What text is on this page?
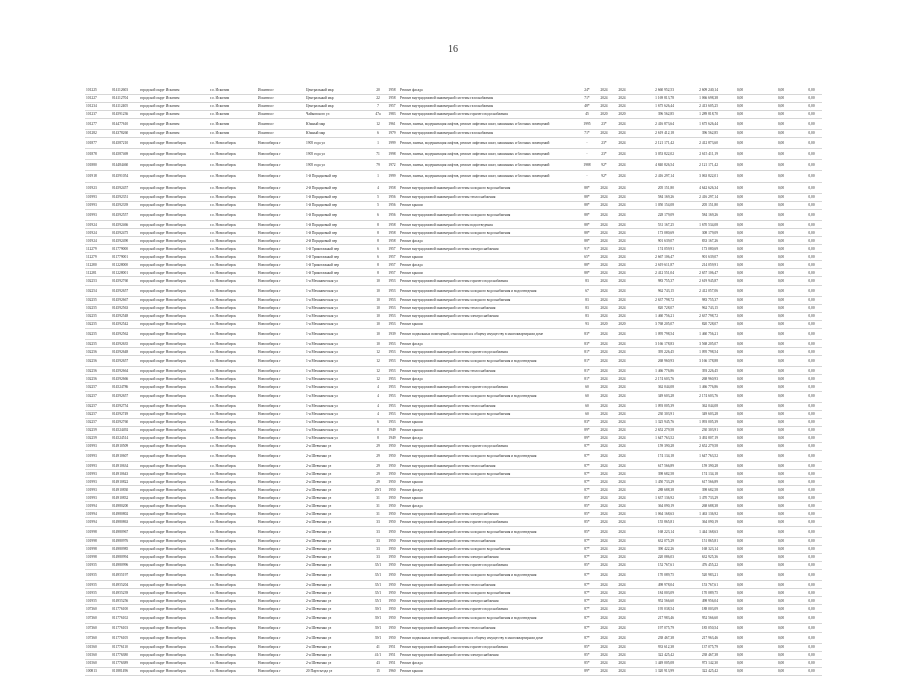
16
101225	014112603	городской округ Искитим	г.о. Искитим	Искитим г	Центральный мкр	20	1958	Ремонт фасада	24*	2024	2024	2 660 952,53	2 609 240,14	0,00	0,00	0,00
101227	014112704	городской округ Искитим	г.о. Искитим	Искитим г	Центральный мкр	22	1958	Ремонт внутридомовой инженерной системы газоснабжения	71*	2024	2024	1 169 813,78	1 066 698,38	0,00	0,00	0,00
101234	014112405	городской округ Искитим	г.о. Искитим	Искитим г	Центральный мкр	7	1957	Ремонт внутридомовой инженерной системы газоснабжения	48*	2024	2024	1 675 626,44	2 413 605,25	0,00	0,00	0,00
101237	014591236	городской округ Искитим	г.о. Искитим	Искитим г	Чайковского ул	47а	1983	Ремонт внутридомовой инженерной системы горячего водоснабжения	45	2020	2020	396 562,85	1 289 818,70	0,00	0,00	0,00
101277	014477610	городской округ Искитим	г.о. Искитим	Искитим г	Южный мкр	12	1961	Ремонт, замена, модернизация лифтов, ремонт лифтовых шахт, машинных и блочных помещений	1995	23*	2024	2 416 873,64	1 675 626,44	0,00	0,00	0,00
101282	014378260	городской округ Искитим	г.о. Искитим	Искитим г	Южный мкр	6	1979	Ремонт внутридомовой инженерной системы газоснабжения	71*	2024	2024	2 619 412,18	396 562,85	0,00	0,00	0,00
101877	014587210	городской округ Новосибирск	г.о. Новосибирск	Новосибирск г	1905 года ул	1	1999	Ремонт, замена, модернизация лифтов, ремонт лифтовых шахт, машинных и блочных помещений	-	23*	2024	2 121 171,42	2 412 873,60	0,00	0,00	0,00
101878	014587469	городской округ Новосибирск	г.о. Новосибирск	Новосибирск г	1905 года ул	71	1998	Ремонт, замена, модернизация лифтов, ремонт лифтовых шахт, машинных и блочных помещений	-	23*	2024	3 053 822,02	2 615 411,19	0,00	0,00	0,00
101880	014484460	городской округ Новосибирск	г.о. Новосибирск	Новосибирск г	1905 года ул	79	1972	Ремонт, замена, модернизация лифтов, ремонт лифтовых шахт, машинных и блочных помещений	1988	92*	2024	4 840 826,54	2 121 171,42	0,00	0,00	0,00
101918	014591054	городской округ Новосибирск	г.о. Новосибирск	Новосибирск г	1-й Порядковый пер	1	1999	Ремонт, замена, модернизация лифтов, ремонт лифтовых шахт, машинных и блочных помещений	-	92*	2024	2 416 297,14	3 063 822,01	0,00	0,00	0,00
101923	014592457	городской округ Новосибирск	г.о. Новосибирск	Новосибирск г	2-й Порядковый пер	4	1958	Ремонт внутридомовой инженерной системы холодного водоснабжения	88*	2024	2024	205 151,80	4 642 626,34	0,00	0,00	0,00
101993	014592351	городской округ Новосибирск	г.о. Новосибирск	Новосибирск г	1-й Порядковый пер	5	1956	Ремонт внутридомовой инженерной системы теплоснабжения	88*	2024	2024	584 169,26	2 416 297,14	0,00	0,00	0,00
101993	014592339	городской округ Новосибирск	г.о. Новосибирск	Новосибирск г	1-й Порядковый пер	5	1956	Ремонт крыши	88*	2024	2024	1 050 154,08	205 151,80	0,00	0,00	0,00
101993	014592557	городской округ Новосибирск	г.о. Новосибирск	Новосибирск г	1-й Порядковый пер	6	1956	Ремонт внутридомовой инженерной системы холодного водоснабжения	88*	2024	2024	228 179,09	584 169,26	0,00	0,00	0,00
101924	014592466	городской округ Новосибирск	г.о. Новосибирск	Новосибирск г	1-й Порядковый пер	8	1958	Ремонт внутридомовой инженерной системы водоотведения	88*	2024	2024	531 167,25	1 670 534,08	0,00	0,00	0,00
101924	014592475	городской округ Новосибирск	г.о. Новосибирск	Новосибирск г	1-й Порядковый пер	8	1958	Ремонт внутридомовой инженерной системы холодного водоснабжения	88*	2024	2024	173 080,69	308 179,09	0,00	0,00	0,00
101924	014592490	городской округ Новосибирск	г.о. Новосибирск	Новосибирск г	2-й Порядковый пер	8	1958	Ремонт фасада	88*	2024	2024	901 639,07	833 167,26	0,00	0,00	0,00
112279	011779000	городской округ Новосибирск	г.о. Новосибирск	Новосибирск г	1-й Трикотажный пер	6	1957	Ремонт внутридомовой инженерной системы электроснабжения	91*	2024	2024	174 059,91	173 080,69	0,00	0,00	0,00
112279	011779001	городской округ Новосибирск	г.о. Новосибирск	Новосибирск г	1-й Трикотажный пер	6	1957	Ремонт крыши	65*	2024	2024	2 667 106,47	901 639,07	0,00	0,00	0,00
112280	011228000	городской округ Новосибирск	г.о. Новосибирск	Новосибирск г	1-й Трикотажный пер	8	1957	Ремонт фасада	88*	2024	2024	2 619 611,87	214 059,91	0,00	0,00	0,00
112281	011228001	городской округ Новосибирск	г.о. Новосибирск	Новосибирск г	1-й Трикотажный пер	8	1957	Ремонт крыши	88*	2024	2024	2 412 551,04	2 657 106,47	0,00	0,00	0,00
102253	014592760	городской округ Новосибирск	г.о. Новосибирск	Новосибирск г	1-я Механическая ул	10	1953	Ремонт внутридомовой инженерной системы горячего водоснабжения	83	2024	2024	983 755,37	2 619 945,87	0,00	0,00	0,00
102254	014592657	городской округ Новосибирск	г.о. Новосибирск	Новосибирск г	1-я Механическая ул	10	1953	Ремонт внутридомовой инженерной системы холодного водоснабжения и водоотведения	67	2024	2024	962 743,15	2 412 057,06	0,00	0,00	0,00
102255	014592667	городской округ Новосибирск	г.о. Новосибирск	Новосибирск г	1-я Механическая ул	10	1953	Ремонт внутридомовой инженерной системы холодного водоснабжения	83	2024	2024	2 637 798,72	983 755,37	0,00	0,00	0,00
102255	014592563	городской округ Новосибирск	г.о. Новосибирск	Новосибирск г	1-я Механическая ул	10	1953	Ремонт внутридомовой инженерной системы теплоснабжения	83	2024	2024	820 728,07	962 743,15	0,00	0,00	0,00
102255	014592548	городской округ Новосибирск	г.о. Новосибирск	Новосибирск г	1-я Механическая ул	10	1953	Ремонт внутридомовой инженерной системы электроснабжения	83	2024	2024	1 460 756,21	2 637 798,72	0,00	0,00	0,00
102255	014592542	городской округ Новосибирск	г.о. Новосибирск	Новосибирск г	1-я Механическая ул	10	1953	Ремонт крыши	93	2020	2020	3 768 205,07	820 728,07	0,00	0,00	0,00
102255	014592562	городской округ Новосибирск	г.о. Новосибирск	Новосибирск г	1-я Механическая ул	10	1939	Ремонт подвальных помещений, относящихся к общему имуществу в многоквартирном доме	83*	2024	2024	1 095 798,54	1 460 756,21	0,00	0,00	0,00
102255	014592635	городской округ Новосибирск	г.о. Новосибирск	Новосибирск г	1-я Механическая ул	10	1953	Ремонт фасада	83*	2024	2024	3 166 178,83	3 568 205,07	0,00	0,00	0,00
102256	014592648	городской округ Новосибирск	г.о. Новосибирск	Новосибирск г	1-я Механическая ул	12	1953	Ремонт внутридомовой инженерной системы горячего водоснабжения	81*	2024	2024	395 226,45	1 095 798,54	0,00	0,00	0,00
102256	014592657	городской округ Новосибирск	г.о. Новосибирск	Новосибирск г	1-я Механическая ул	12	1953	Ремонт внутридомовой инженерной системы холодного водоснабжения и водоотведения	81*	2024	2024	268 960,93	3 166 178,88	0,00	0,00	0,00
102256	014592664	городской округ Новосибирск	г.о. Новосибирск	Новосибирск г	1-я Механическая ул	12	1953	Ремонт внутридомовой инженерной системы теплоснабжения	81*	2024	2024	1 466 776,86	393 226,45	0,00	0,00	0,00
102256	014592666	городской округ Новосибирск	г.о. Новосибирск	Новосибирск г	1-я Механическая ул	12	1953	Ремонт фасада	81*	2024	2024	2 174 603,76	268 960,93	0,00	0,00	0,00
102257	014524786	городской округ Новосибирск	г.о. Новосибирск	Новосибирск г	1-я Механическая ул	4	1953	Ремонт внутридомовой инженерной системы горячего водоснабжения	60	2024	2024	362 044,08	1 466 776,86	0,00	0,00	0,00
102257	014592657	городской округ Новосибирск	г.о. Новосибирск	Новосибирск г	1-я Механическая ул	4	1953	Ремонт внутридомовой инженерной системы холодного водоснабжения и водоотведения	60	2024	2024	349 603,28	2 174 603,76	0,00	0,00	0,00
102257	014592754	городской округ Новосибирск	г.о. Новосибирск	Новосибирск г	1-я Механическая ул	4	1953	Ремонт внутридомовой инженерной системы теплоснабжения	60	2024	2024	1 093 005,39	362 044,08	0,00	0,00	0,00
102257	014592749	городской округ Новосибирск	г.о. Новосибирск	Новосибирск г	1-я Механическая ул	4	1953	Ремонт внутридомовой инженерной системы холодного водоснабжения	60	2024	2024	230 303,91	349 603,28	0,00	0,00	0,00
102257	014592760	городской округ Новосибирск	г.о. Новосибирск	Новосибирск г	1-я Механическая ул	6	1953	Ремонт крыши	83*	2024	2024	1 325 945,76	1 093 005,39	0,00	0,00	0,00
102259	014524492	городской округ Новосибирск	г.о. Новосибирск	Новосибирск г	1-я Механическая ул	8	1949	Ремонт крыши	89*	2024	2024	2 652 279,58	230 303,91	0,00	0,00	0,00
102259	014524514	городской округ Новосибирск	г.о. Новосибирск	Новосибирск г	1-я Механическая ул	8	1949	Ремонт фасада	89*	2024	2024	1 647 763,52	3 492 807,19	0,00	0,00	0,00
101993	014910509	городской округ Новосибирск	г.о. Новосибирск	Новосибирск г	2-я Шевченко ул	29	1950	Ремонт внутридомовой инженерной системы горячего водоснабжения	87*	2024	2024	159 390,28	2 652 279,58	0,00	0,00	0,00
101993	014910607	городской округ Новосибирск	г.о. Новосибирск	Новосибирск г	2-я Шевченко ул	29	1950	Ремонт внутридомовой инженерной системы холодного водоснабжения и водоотведения	87*	2024	2024	174 134,18	1 647 763,52	0,00	0,00	0,00
101993	014910634	городской округ Новосибирск	г.о. Новосибирск	Новосибирск г	2-я Шевченко ул	29	1950	Ремонт внутридомовой инженерной системы теплоснабжения	87*	2024	2024	617 566,89	159 390,28	0,00	0,00	0,00
101993	014910643	городской округ Новосибирск	г.о. Новосибирск	Новосибирск г	2-я Шевченко ул	29	1950	Ремонт внутридомовой инженерной системы холодного водоснабжения	87*	2024	2024	398 682,58	174 134,18	0,00	0,00	0,00
101993	014910822	городской округ Новосибирск	г.о. Новосибирск	Новосибирск г	2-я Шевченко ул	29	1950	Ремонт крыши	87*	2024	2024	1 450 733,29	617 566,89	0,00	0,00	0,00
101993	014910830	городской округ Новосибирск	г.о. Новосибирск	Новосибирск г	2-я Шевченко ул	29/1	1950	Ремонт фасада	87*	2024	2024	288 688,38	398 682,58	0,00	0,00	0,00
101993	014910832	городской округ Новосибирск	г.о. Новосибирск	Новосибирск г	2-я Шевченко ул	31	1950	Ремонт крыши	85*	2024	2024	1 637 136,92	1 470 733,29	0,00	0,00	0,00
101994	014980200	городской округ Новосибирск	г.о. Новосибирск	Новосибирск г	2-я Шевченко ул	31	1950	Ремонт фасада	85*	2024	2024	364 090,19	268 688,38	0,00	0,00	0,00
101994	014980802	городской округ Новосибирск	г.о. Новосибирск	Новосибирск г	2-я Шевченко ул	31	1950	Ремонт внутридомовой инженерной системы электроснабжения	85*	2024	2024	1 064 168,63	1 463 136,92	0,00	0,00	0,00
101994	014980863	городской округ Новосибирск	г.о. Новосибирск	Новосибирск г	2-я Шевченко ул	33	1950	Ремонт внутридомовой инженерной системы горячего водоснабжения	85*	2024	2024	155 865,81	364 090,19	0,00	0,00	0,00
101998	014980967	городской округ Новосибирск	г.о. Новосибирск	Новосибирск г	2-я Шевченко ул	33	1950	Ремонт внутридомовой инженерной системы холодного водоснабжения и водоотведения	85*	2024	2024	168 223,14	1 444 168,63	0,00	0,00	0,00
101998	014980976	городской округ Новосибирск	г.о. Новосибирск	Новосибирск г	2-я Шевченко ул	33	1950	Ремонт внутридомовой инженерной системы теплоснабжения	87*	2024	2024	632 075,29	151 865,81	0,00	0,00	0,00
101998	014980985	городской округ Новосибирск	г.о. Новосибирск	Новосибирск г	2-я Шевченко ул	33	1950	Ремонт внутридомовой инженерной системы холодного водоснабжения	87*	2024	2024	390 422,26	168 323,14	0,00	0,00	0,00
101998	014980994	городской округ Новосибирск	г.о. Новосибирск	Новосибирск г	2-я Шевченко ул	33	1950	Ремонт внутридомовой инженерной системы электроснабжения	87*	2024	2024	220 086,03	632 925,36	0,00	0,00	0,00
101955	014980996	городской округ Новосибирск	г.о. Новосибирск	Новосибирск г	2-я Шевченко ул	35/1	1950	Ремонт внутридомовой инженерной системы горячего водоснабжения	85*	2024	2024	152 767,61	476 455,22	0,00	0,00	0,00
101955	014955197	городской округ Новосибирск	г.о. Новосибирск	Новосибирск г	2-я Шевченко ул	35/1	1950	Ремонт внутридомовой инженерной системы холодного водоснабжения и водоотведения	87*	2024	2024	170 089,75	520 983,21	0,00	0,00	0,00
101955	014955204	городской округ Новосибирск	г.о. Новосибирск	Новосибирск г	2-я Шевченко ул	35/1	1950	Ремонт внутридомовой инженерной системы теплоснабжения	87*	2024	2024	498 978,04	153 767,61	0,00	0,00	0,00
101955	014955239	городской округ Новосибирск	г.о. Новосибирск	Новосибирск г	2-я Шевченко ул	35/1	1950	Ремонт внутридомовой инженерной системы холодного водоснабжения	87*	2024	2024	184 003,09	170 089,75	0,00	0,00	0,00
101955	014955256	городской округ Новосибирск	г.о. Новосибирск	Новосибирск г	2-я Шевченко ул	35/1	1950	Ремонт внутридомовой инженерной системы электроснабжения	87*	2024	2024	952 566,60	498 956,04	0,00	0,00	0,00
107360	011776100	городской округ Новосибирск	г.о. Новосибирск	Новосибирск г	2-я Шевченко ул	39/1	1950	Ремонт внутридомовой инженерной системы горячего водоснабжения	87*	2024	2024	195 038,54	188 003,09	0,00	0,00	0,00
107360	011776102	городской округ Новосибирск	г.о. Новосибирск	Новосибирск г	2-я Шевченко ул	39/1	1950	Ремонт внутридомовой инженерной системы холодного водоснабжения и водоотведения	87*	2024	2024	217 983,46	952 566,60	0,00	0,00	0,00
107360	011776103	городской округ Новосибирск	г.о. Новосибирск	Новосибирск г	2-я Шевченко ул	39/1	1950	Ремонт внутридомовой инженерной системы теплоснабжения	87*	2024	2024	197 075,79	185 050,54	0,00	0,00	0,00
107360	011776105	городской округ Новосибирск	г.о. Новосибирск	Новосибирск г	2-я Шевченко ул	39/1	1950	Ремонт подвальных помещений, относящихся к общему имуществу в многоквартирном доме	87*	2024	2024	238 467,38	217 963,46	0,00	0,00	0,00
101560	011776110	городской округ Новосибирск	г.о. Новосибирск	Новосибирск г	2-я Шевченко ул	41	1951	Ремонт внутридомовой инженерной системы горячего водоснабжения	85*	2024	2024	933 612,38	137 075,79	0,00	0,00	0,00
101560	011776380	городской округ Новосибирск	г.о. Новосибирск	Новосибирск г	2-я Шевченко ул	41/1	1951	Ремонт внутридомовой инженерной системы электроснабжения	85*	2024	2024	322 425,42	238 467,38	0,00	0,00	0,00
101560	011776389	городской округ Новосибирск	г.о. Новосибирск	Новосибирск г	2-я Шевченко ул	43	1951	Ремонт фасада	85*	2024	2024	1 449 005,08	973 142,30	0,00	0,00	0,00
100813	011881496	городской округ Новосибирск	г.о. Новосибирск	Новосибирск г	20 Партсъезда ул	15	1960	Ремонт крыши	89*	2024	2024	1 320 913,99	322 425,42	0,00	0,00	0,00
